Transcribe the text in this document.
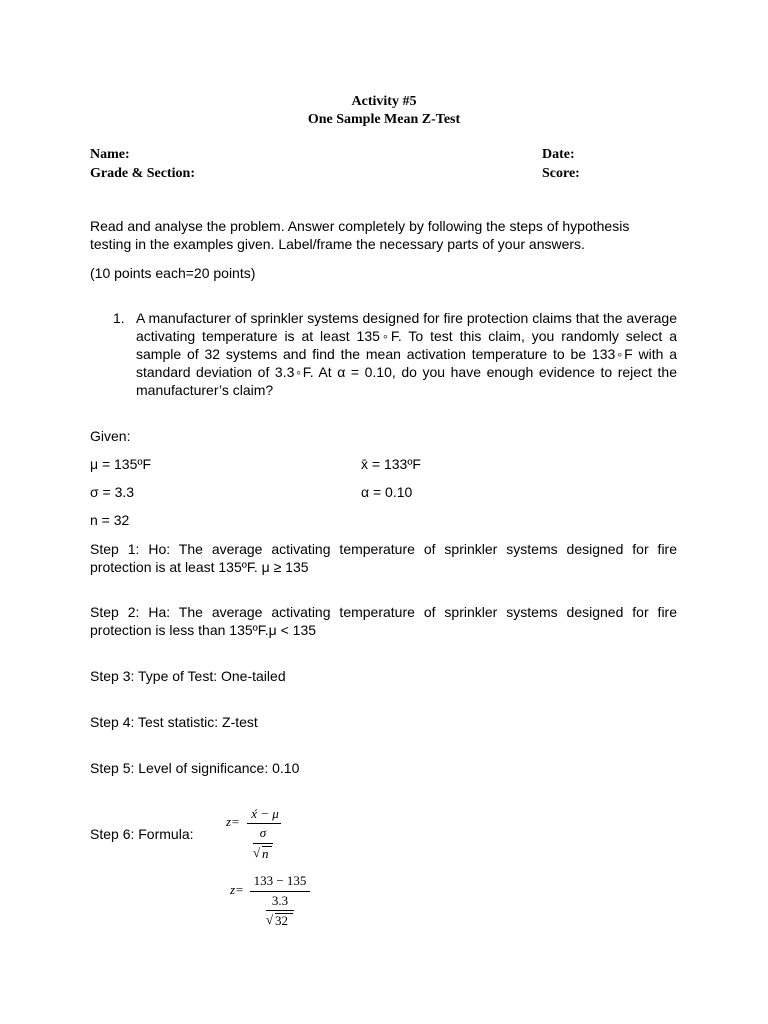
Activity #5
One Sample Mean Z-Test
Name:	Date:
Grade & Section:	Score:
Read and analyse the problem. Answer completely by following the steps of hypothesis
testing in the examples given. Label/frame the necessary parts of your answers.
(10 points each=20 points)
1. A manufacturer of sprinkler systems designed for fire protection claims that the average activating temperature is at least 135◦F. To test this claim, you randomly select a sample of 32 systems and find the mean activation temperature to be 133◦F with a standard deviation of 3.3◦F. At α = 0.10, do you have enough evidence to reject the manufacturer’s claim?
Given:
μ = 135ºF	x̄ = 133ºF
σ = 3.3	α = 0.10
n = 32
Step 1: Ho: The average activating temperature of sprinkler systems designed for fire protection is at least 135ºF. μ ≥ 135
Step 2: Ha: The average activating temperature of sprinkler systems designed for fire protection is less than 135ºF.μ < 135
Step 3: Type of Test: One-tailed
Step 4: Test statistic: Z-test
Step 5: Level of significance: 0.10
Step 6: Formula:
z=
x́ − μ
σ
√ n
z=
133 − 135
3.3
√ 32
